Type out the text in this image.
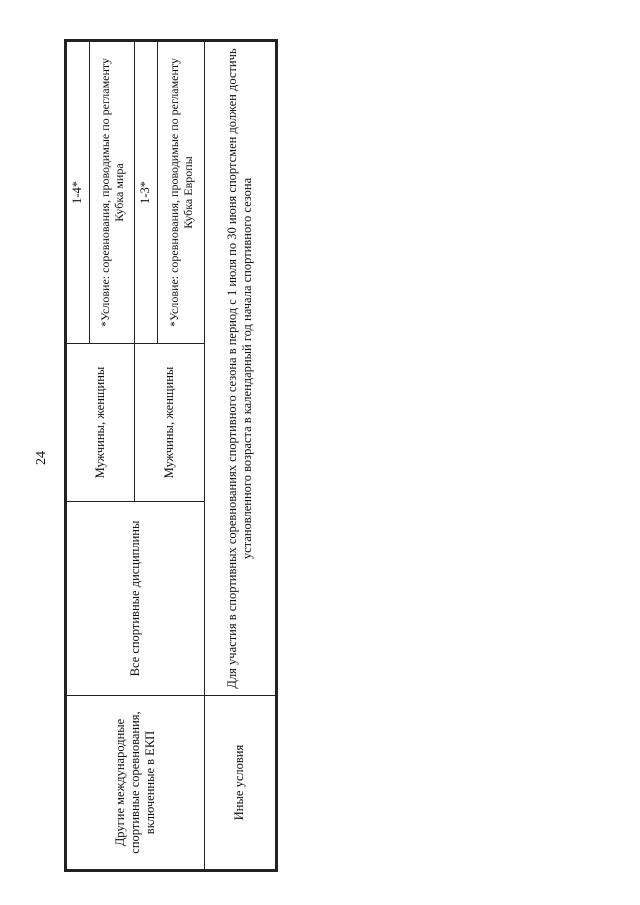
24
Другие международные спортивные соревнования, включенные в ЕКП	Все спортивные дисциплины	Мужчины, женщины	1-4*
			*Условие: соревнования, проводимые по регламенту Кубка мира
		Мужчины, женщины	1-3*
			*Условие: соревнования, проводимые по регламенту Кубка Европы
Иные условия	Для участия в спортивных соревнованиях спортивного сезона в период с 1 июля по 30 июня спортсмен должен достичь установленного возраста в календарный год начала спортивного сезона		
